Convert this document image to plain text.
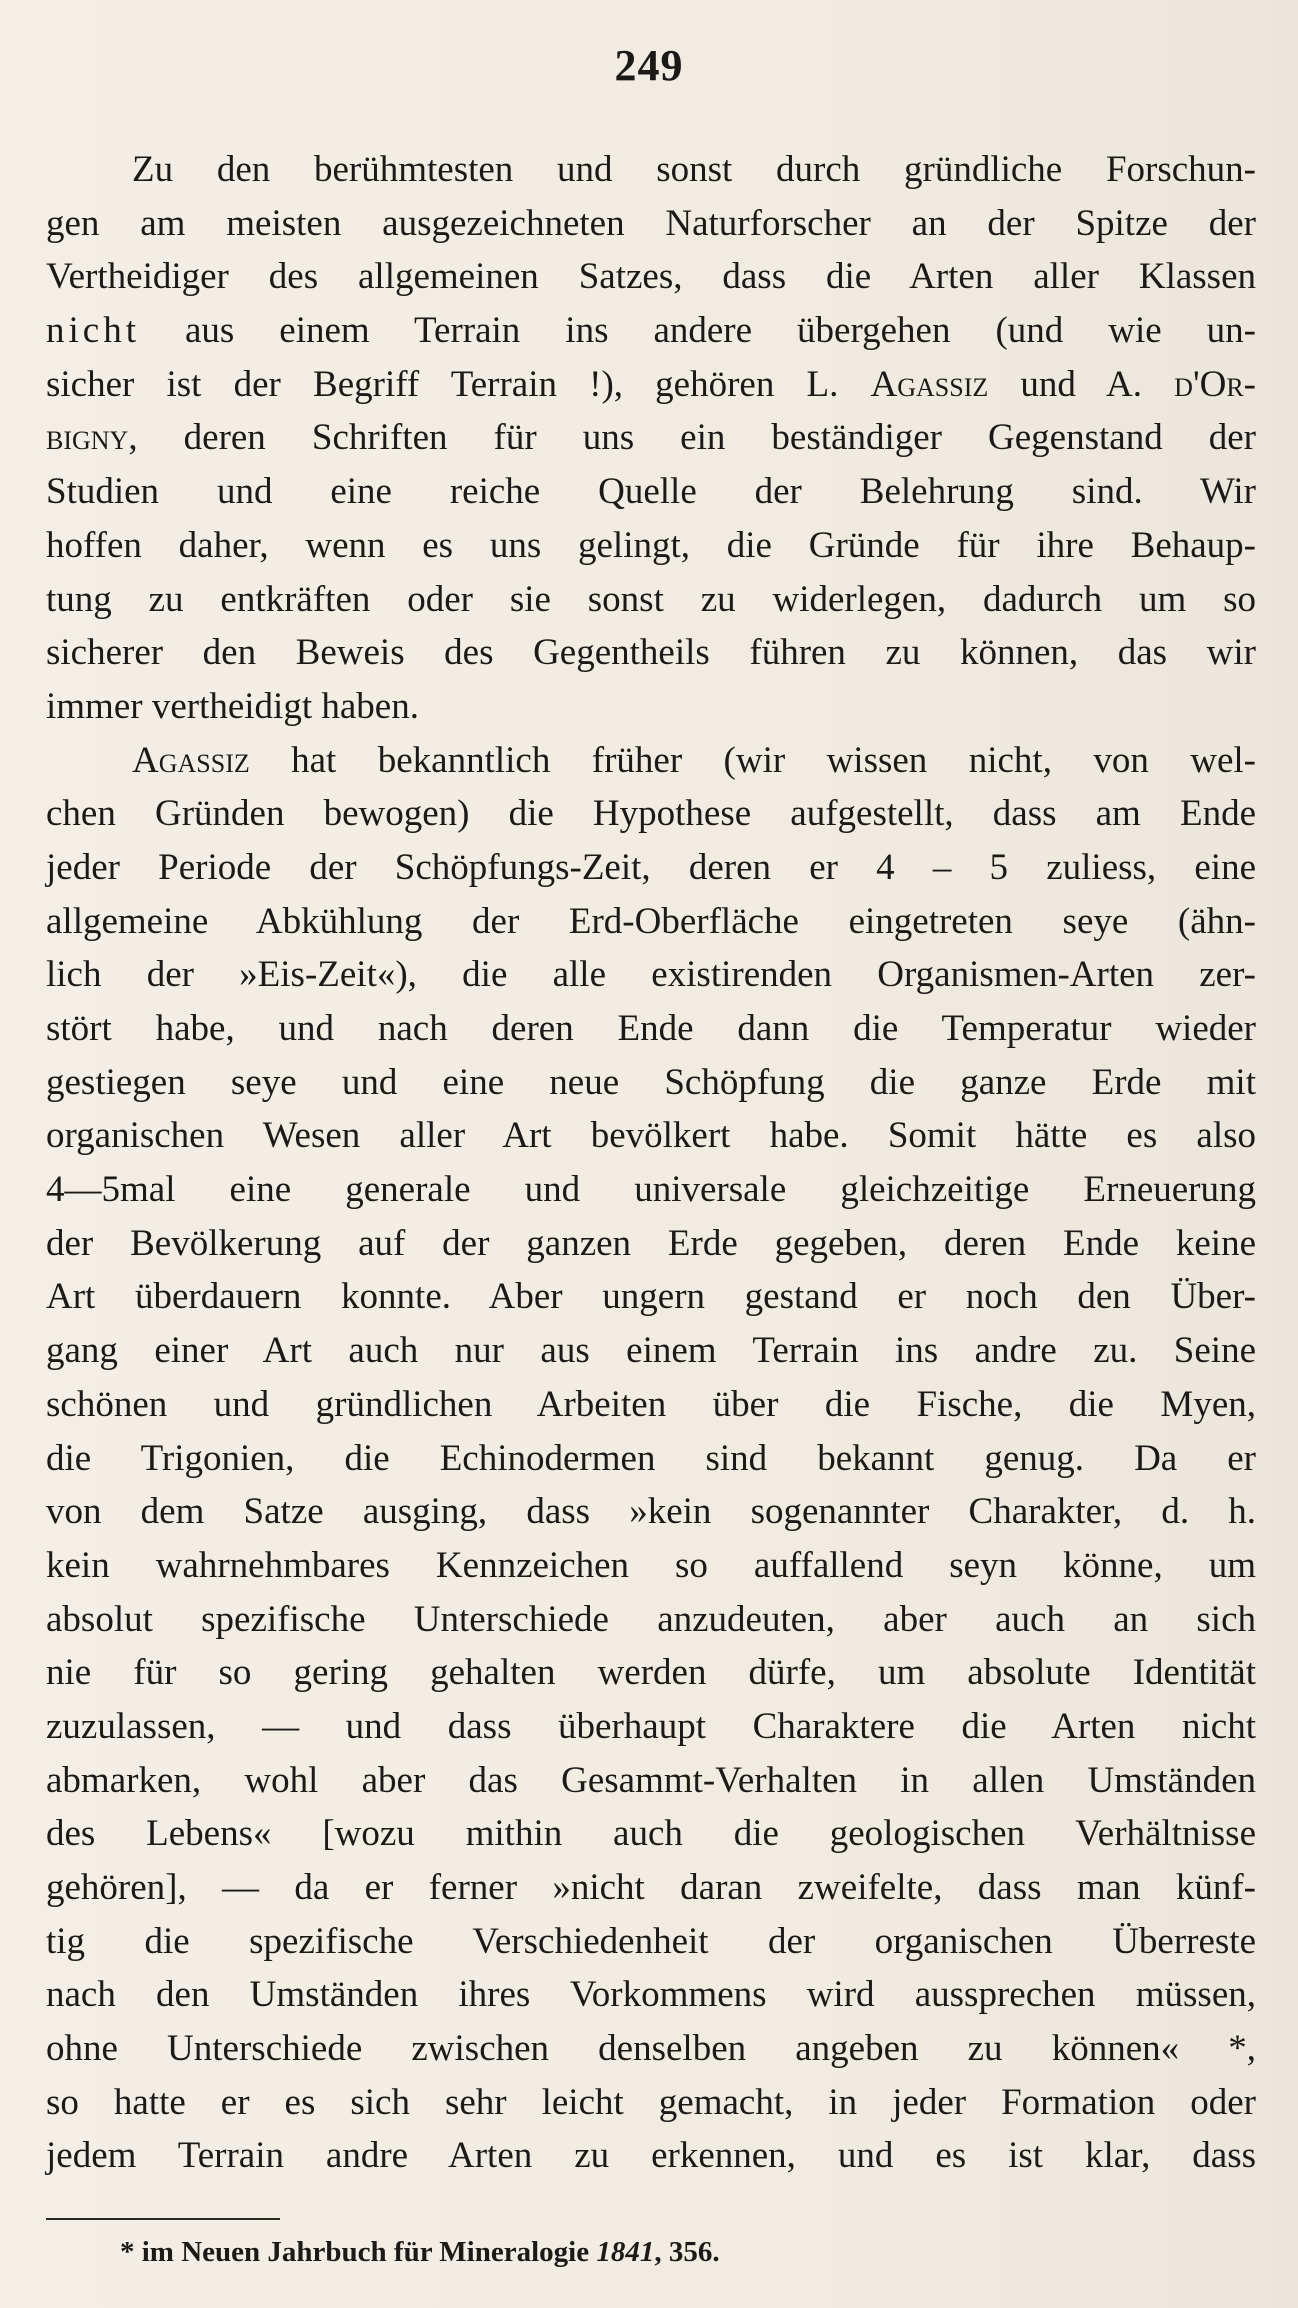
249
Zu den berühmtesten und sonst durch gründliche Forschun-
gen am meisten ausgezeichneten Naturforscher an der Spitze der
Vertheidiger des allgemeinen Satzes, dass die Arten aller Klassen
nicht aus einem Terrain ins andere übergehen (und wie un-
sicher ist der Begriff Terrain !), gehören L. Agassiz und A. d'Or-
bigny, deren Schriften für uns ein beständiger Gegenstand der
Studien und eine reiche Quelle der Belehrung sind. Wir
hoffen daher, wenn es uns gelingt, die Gründe für ihre Behaup-
tung zu entkräften oder sie sonst zu widerlegen, dadurch um so
sicherer den Beweis des Gegentheils führen zu können, das wir
immer vertheidigt haben.
Agassiz hat bekanntlich früher (wir wissen nicht, von wel-
chen Gründen bewogen) die Hypothese aufgestellt, dass am Ende
jeder Periode der Schöpfungs-Zeit, deren er 4 – 5 zuliess, eine
allgemeine Abkühlung der Erd-Oberfläche eingetreten seye (ähn-
lich der »Eis-Zeit«), die alle existirenden Organismen-Arten zer-
stört habe, und nach deren Ende dann die Temperatur wieder
gestiegen seye und eine neue Schöpfung die ganze Erde mit
organischen Wesen aller Art bevölkert habe. Somit hätte es also
4—5mal eine generale und universale gleichzeitige Erneuerung
der Bevölkerung auf der ganzen Erde gegeben, deren Ende keine
Art überdauern konnte. Aber ungern gestand er noch den Über-
gang einer Art auch nur aus einem Terrain ins andre zu. Seine
schönen und gründlichen Arbeiten über die Fische, die Myen,
die Trigonien, die Echinodermen sind bekannt genug. Da er
von dem Satze ausging, dass »kein sogenannter Charakter, d. h.
kein wahrnehmbares Kennzeichen so auffallend seyn könne, um
absolut spezifische Unterschiede anzudeuten, aber auch an sich
nie für so gering gehalten werden dürfe, um absolute Identität
zuzulassen, — und dass überhaupt Charaktere die Arten nicht
abmarken, wohl aber das Gesammt-Verhalten in allen Umständen
des Lebens« [wozu mithin auch die geologischen Verhältnisse
gehören], — da er ferner »nicht daran zweifelte, dass man künf-
tig die spezifische Verschiedenheit der organischen Überreste
nach den Umständen ihres Vorkommens wird aussprechen müssen,
ohne Unterschiede zwischen denselben angeben zu können« *,
so hatte er es sich sehr leicht gemacht, in jeder Formation oder
jedem Terrain andre Arten zu erkennen, und es ist klar, dass
* im Neuen Jahrbuch für Mineralogie 1841, 356.
